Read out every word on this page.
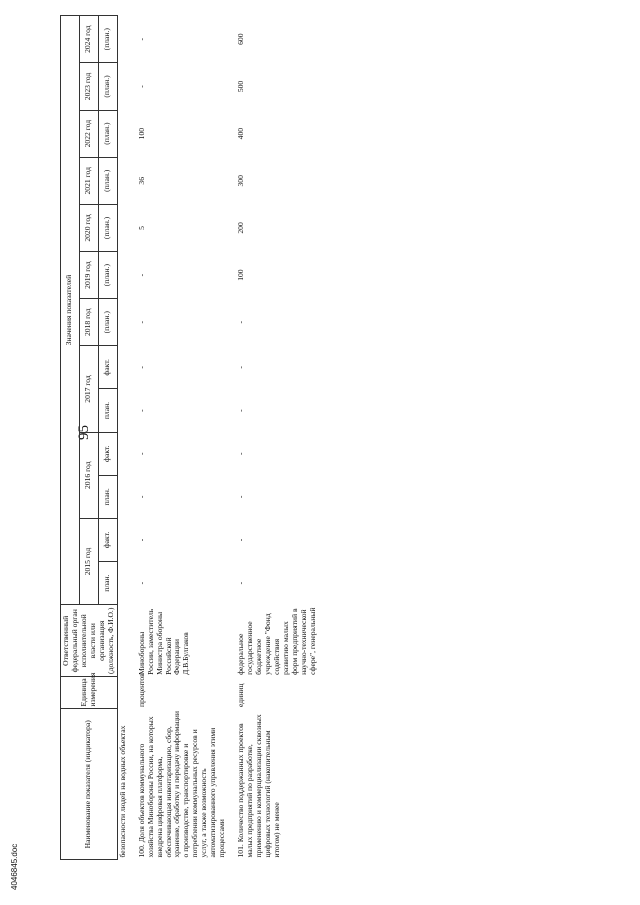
95
Наименование показателя (индикатора)	Единица измерения	Ответственный федеральный орган исполнительной власти или организация (должность, Ф.И.О.)	Значения показателей												
			2015 год		2016 год		2017 год		2018 год	2019 год	2020 год	2021 год	2022 год	2023 год	2024 год
			план.	факт.	план.	факт.	план.	факт.	(план.)	(план.)	(план.)	(план.)	(план.)	(план.)	(план.)
безопасности людей на водных объектах															

100. Доля объектов коммунального хозяйства Минобороны России, на которых внедрена цифровая платформа, обеспечивающая инвентаризацию, сбор, хранение, обработку и передачу информации о производстве, транспортировке и потреблении коммунальных ресурсов и услуг, а также возможность автоматизированного управления этими процессами	процентов	Минобороны России, заместитель Министра обороны Российской Федерации Д.В.Булгаков	-	-	-	-	-	-	-	-	5	36	100	-	-

101. Количество поддержанных проектов малых предприятий по разработке, применению и коммерциализации сквозных цифровых технологий (накопительным итогом) не менее	единиц	федеральное государственное бюджетное учреждение "Фонд содействия развитию малых форм предприятий в научно-технической сфере", генеральный	-	-	-	-	-	-	-	100	200	300	400	500	600
4046845.doc
